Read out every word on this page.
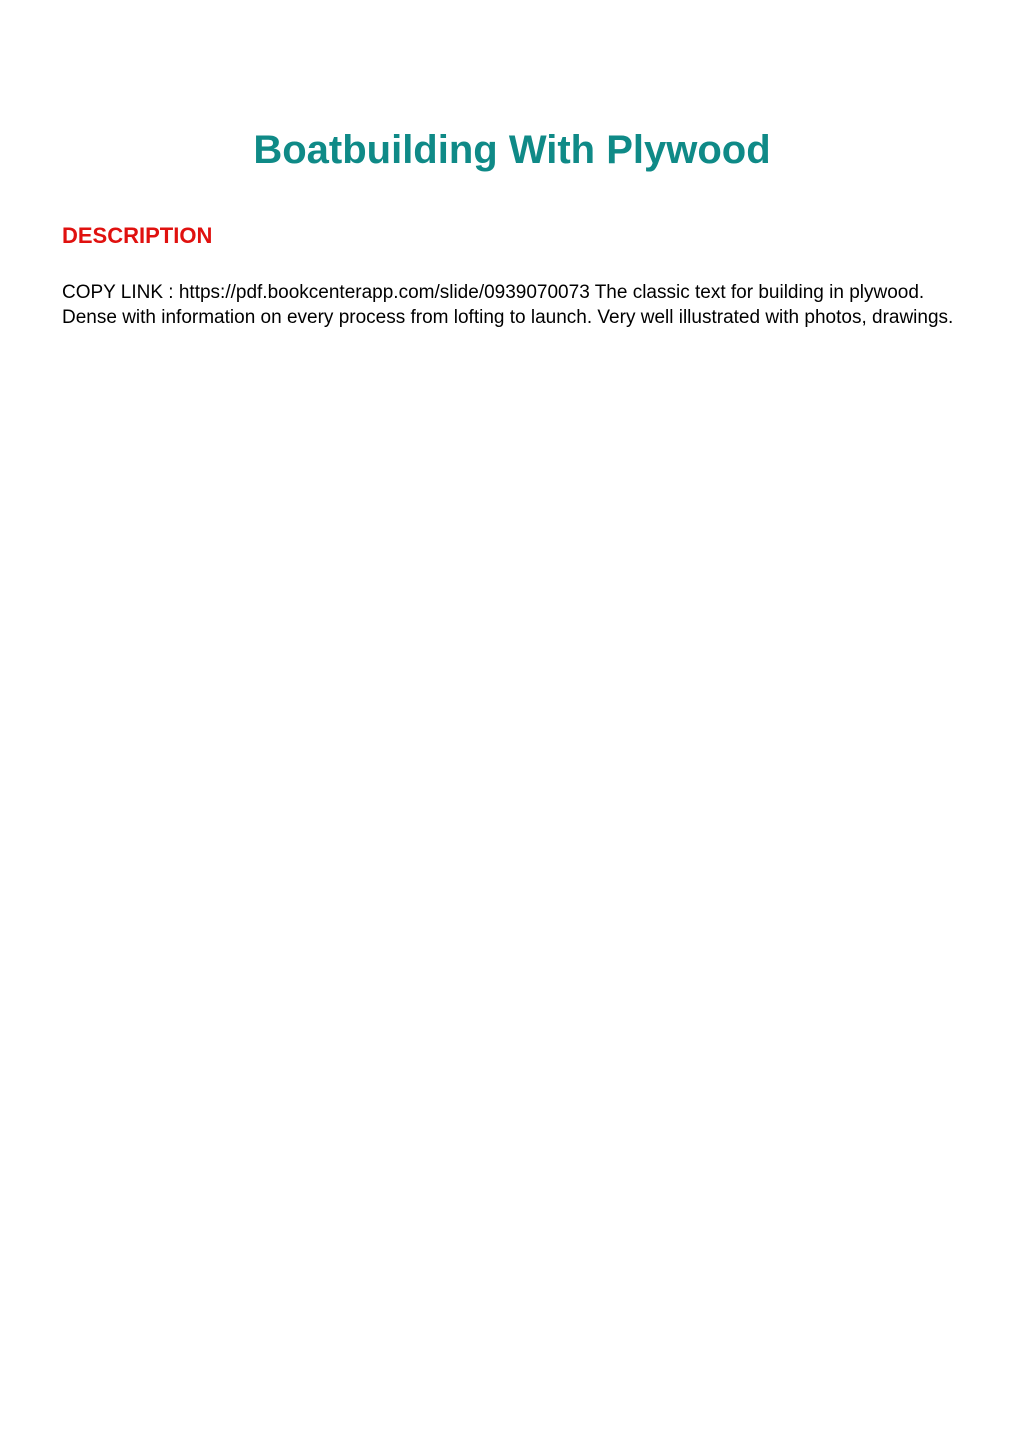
Boatbuilding With Plywood
DESCRIPTION

COPY LINK : https://pdf.bookcenterapp.com/slide/0939070073 The classic text for building in plywood. Dense with information on every process from lofting to launch. Very well illustrated with photos, drawings.
